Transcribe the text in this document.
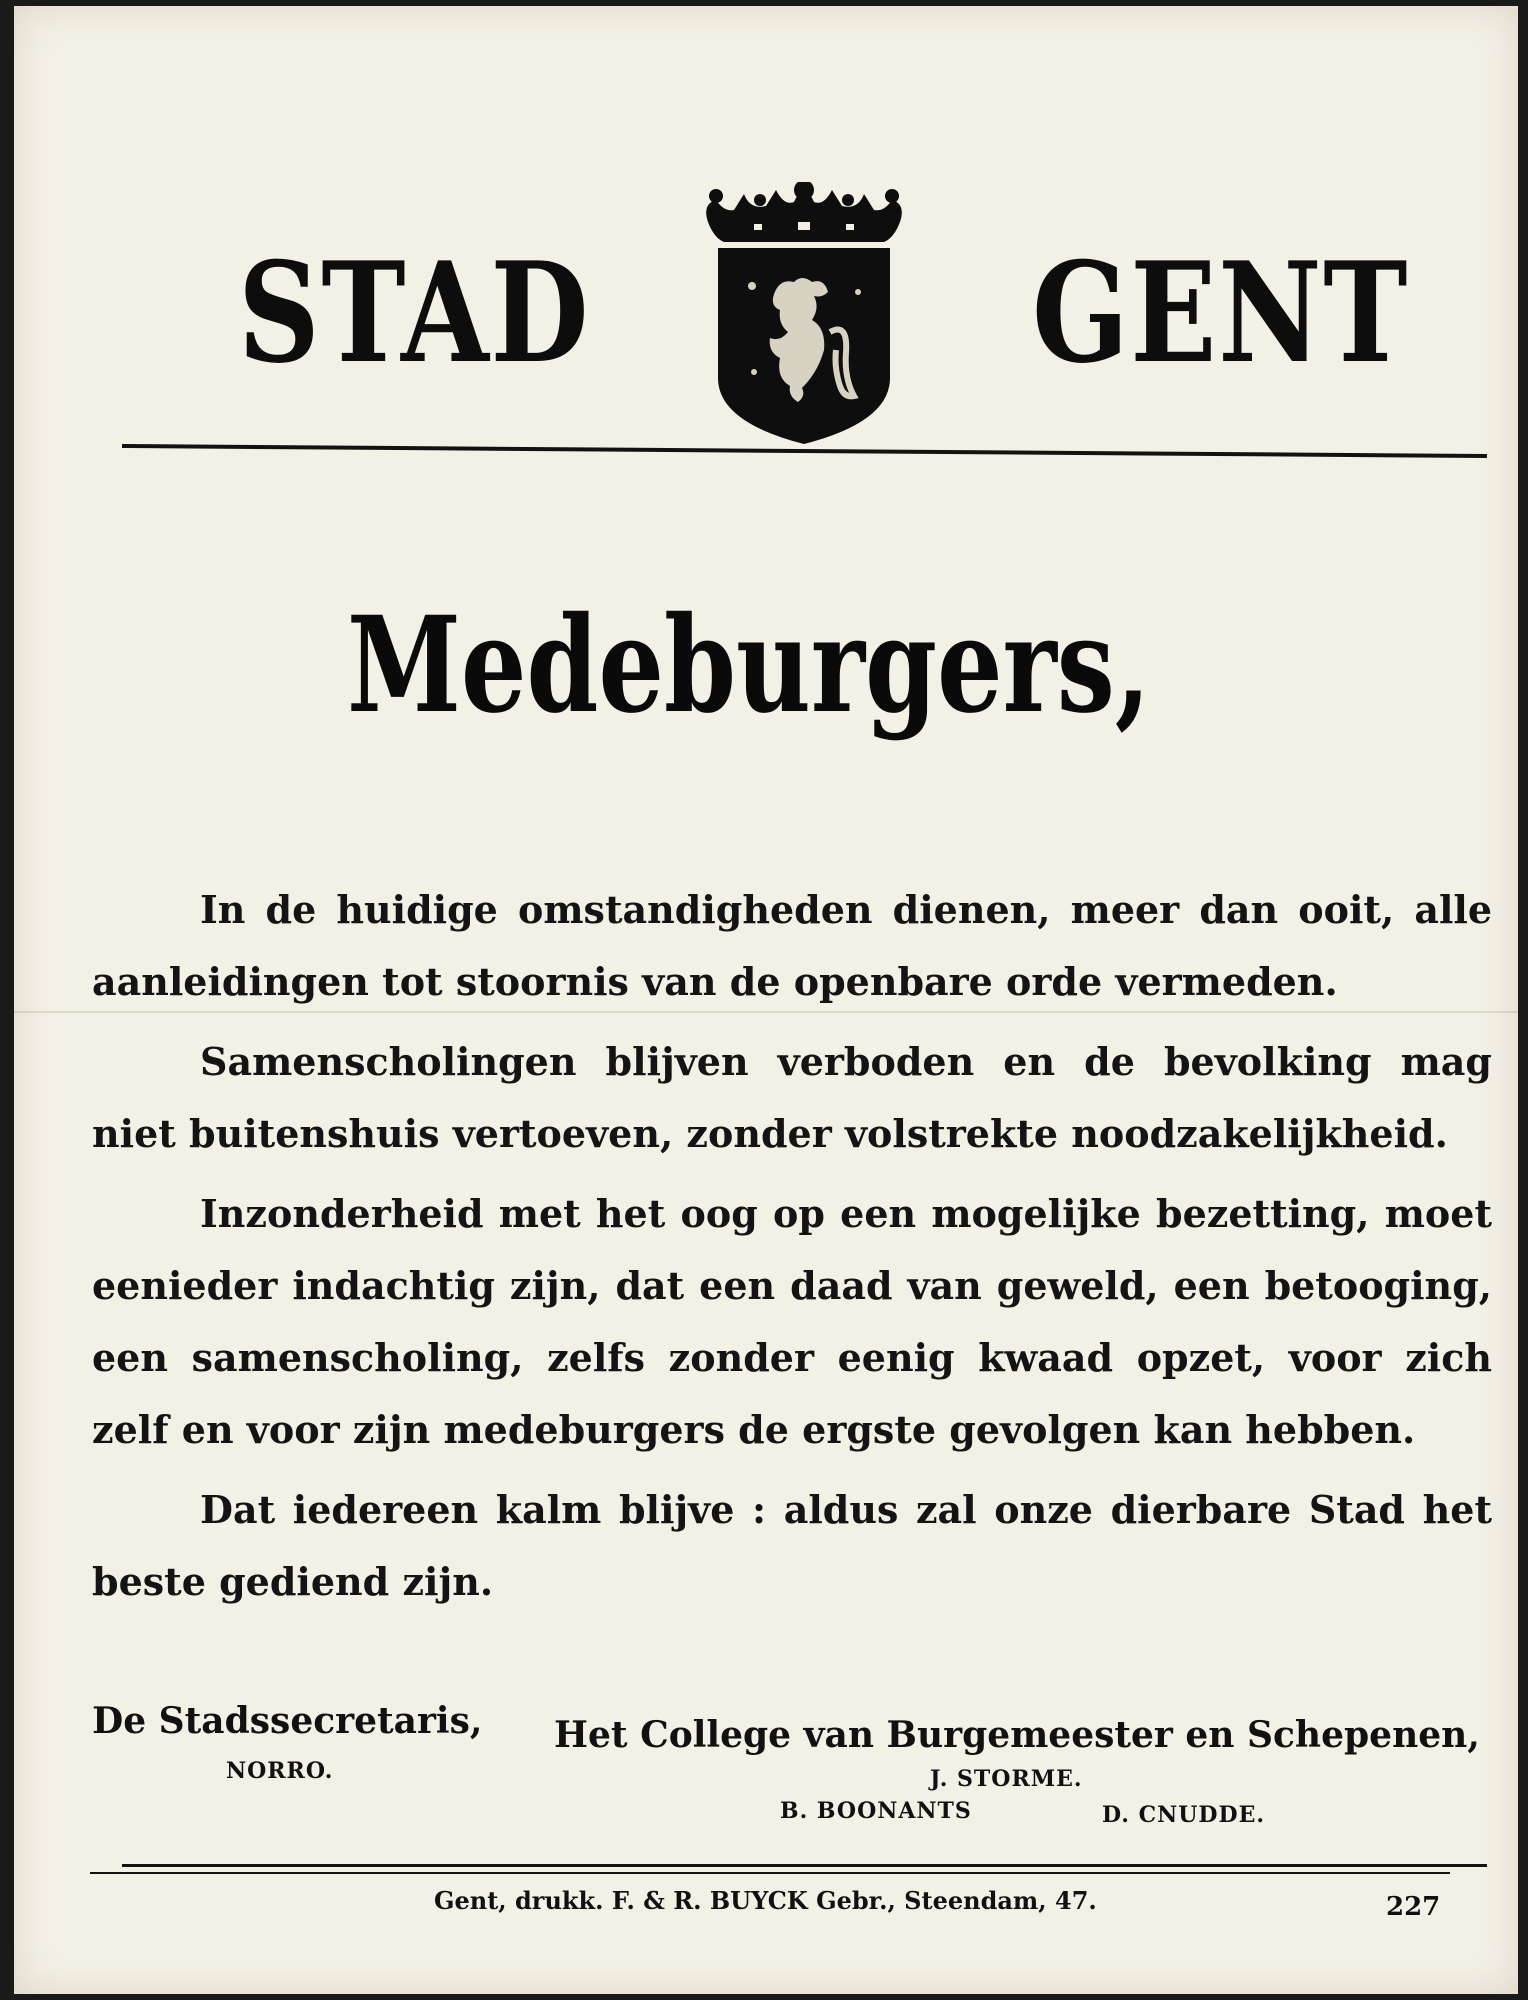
STAD	GENT
Medeburgers,

In de huidige omstandigheden dienen, meer dan ooit, alle aanleidingen tot stoornis van de openbare orde vermeden.

Samenscholingen blijven verboden en de bevolking mag niet buitenshuis vertoeven, zonder volstrekte noodzakelijkheid.

Inzonderheid met het oog op een mogelijke bezetting, moet eenieder indachtig zijn, dat een daad van geweld, een betooging, een samenscholing, zelfs zonder eenig kwaad opzet, voor zich zelf en voor zijn medeburgers de ergste gevolgen kan hebben.

Dat iedereen kalm blijve : aldus zal onze dierbare Stad het beste gediend zijn.

De Stadssecretaris,
NORRO.
Het College van Burgemeester en Schepenen,
J. STORME.
B. BOONANTS	D. CNUDDE.
Gent, drukk. F. & R. BUYCK Gebr., Steendam, 47.	227
